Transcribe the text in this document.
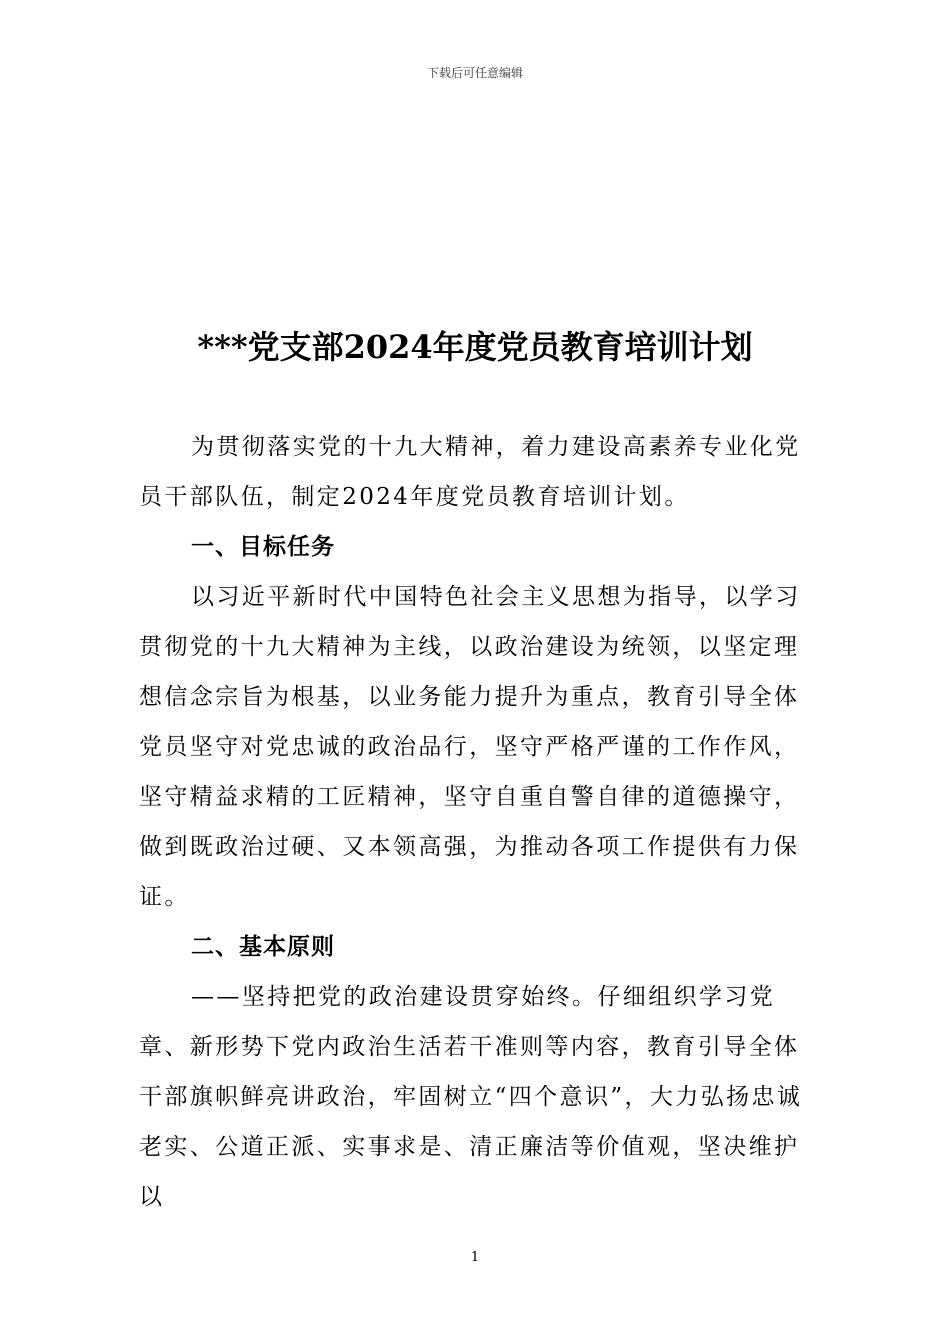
下载后可任意编辑
***党支部2024年度党员教育培训计划

为贯彻落实党的十九大精神，着力建设高素养专业化党员干部队伍，制定2024年度党员教育培训计划。

一、目标任务

以习近平新时代中国特色社会主义思想为指导，以学习贯彻党的十九大精神为主线，以政治建设为统领，以坚定理想信念宗旨为根基，以业务能力提升为重点，教育引导全体党员坚守对党忠诚的政治品行，坚守严格严谨的工作作风，坚守精益求精的工匠精神，坚守自重自警自律的道德操守，做到既政治过硬、又本领高强，为推动各项工作提供有力保证。

二、基本原则

——坚持把党的政治建设贯穿始终。仔细组织学习党章、新形势下党内政治生活若干准则等内容，教育引导全体干部旗帜鲜亮讲政治，牢固树立“四个意识”，大力弘扬忠诚老实、公道正派、实事求是、清正廉洁等价值观，坚决维护以

1
